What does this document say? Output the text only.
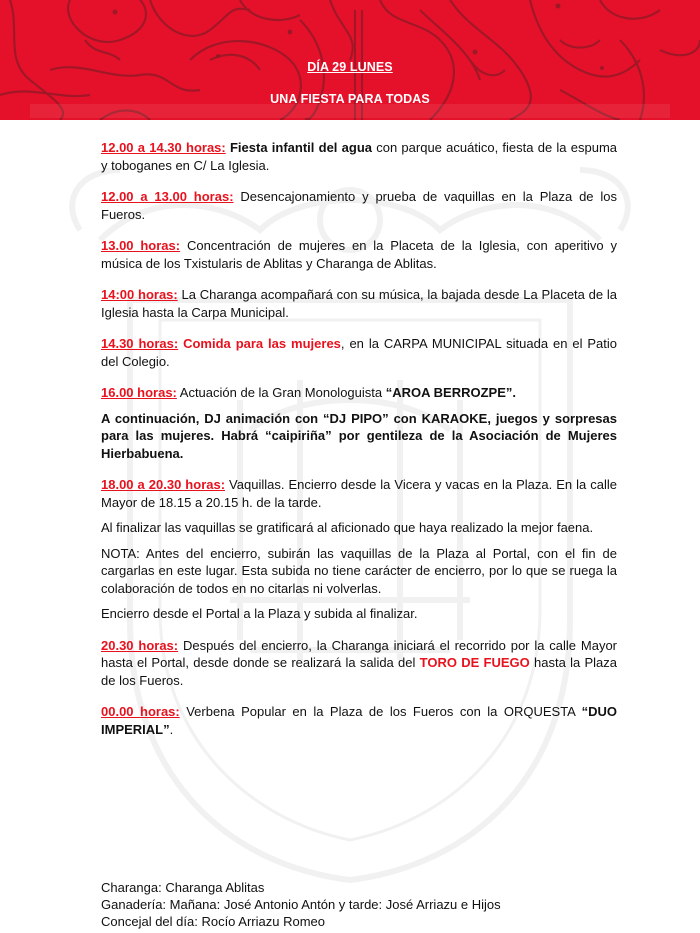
DÍA 29 LUNES
UNA FIESTA PARA TODAS

12.00 a 14.30 horas: Fiesta infantil del agua con parque acuático, fiesta de la espuma y toboganes en C/ La Iglesia.

12.00 a 13.00 horas: Desencajonamiento y prueba de vaquillas en la Plaza de los Fueros.

13.00 horas: Concentración de mujeres en la Placeta de la Iglesia, con aperitivo y música de los Txistularis de Ablitas y Charanga de Ablitas.

14:00 horas: La Charanga acompañará con su música, la bajada desde La Placeta de la Iglesia hasta la Carpa Municipal.

14.30 horas: Comida para las mujeres, en la CARPA MUNICIPAL situada en el Patio del Colegio.

16.00 horas: Actuación de la Gran Monologuista “AROA BERROZPE”.

A continuación, DJ animación con “DJ PIPO” con KARAOKE, juegos y sorpresas para las mujeres. Habrá “caipiriña” por gentileza de la Asociación de Mujeres Hierbabuena.

18.00 a 20.30 horas: Vaquillas. Encierro desde la Vicera y vacas en la Plaza. En la calle Mayor de 18.15 a 20.15 h. de la tarde.

Al finalizar las vaquillas se gratificará al aficionado que haya realizado la mejor faena.

NOTA: Antes del encierro, subirán las vaquillas de la Plaza al Portal, con el fin de cargarlas en este lugar. Esta subida no tiene carácter de encierro, por lo que se ruega la colaboración de todos en no citarlas ni volverlas.

Encierro desde el Portal a la Plaza y subida al finalizar.

20.30 horas: Después del encierro, la Charanga iniciará el recorrido por la calle Mayor hasta el Portal, desde donde se realizará la salida del TORO DE FUEGO hasta la Plaza de los Fueros.

00.00 horas: Verbena Popular en la Plaza de los Fueros con la ORQUESTA “DUO IMPERIAL”.

Charanga: Charanga Ablitas
Ganadería: Mañana: José Antonio Antón y tarde: José Arriazu e Hijos
Concejal del día: Rocío Arriazu Romeo
